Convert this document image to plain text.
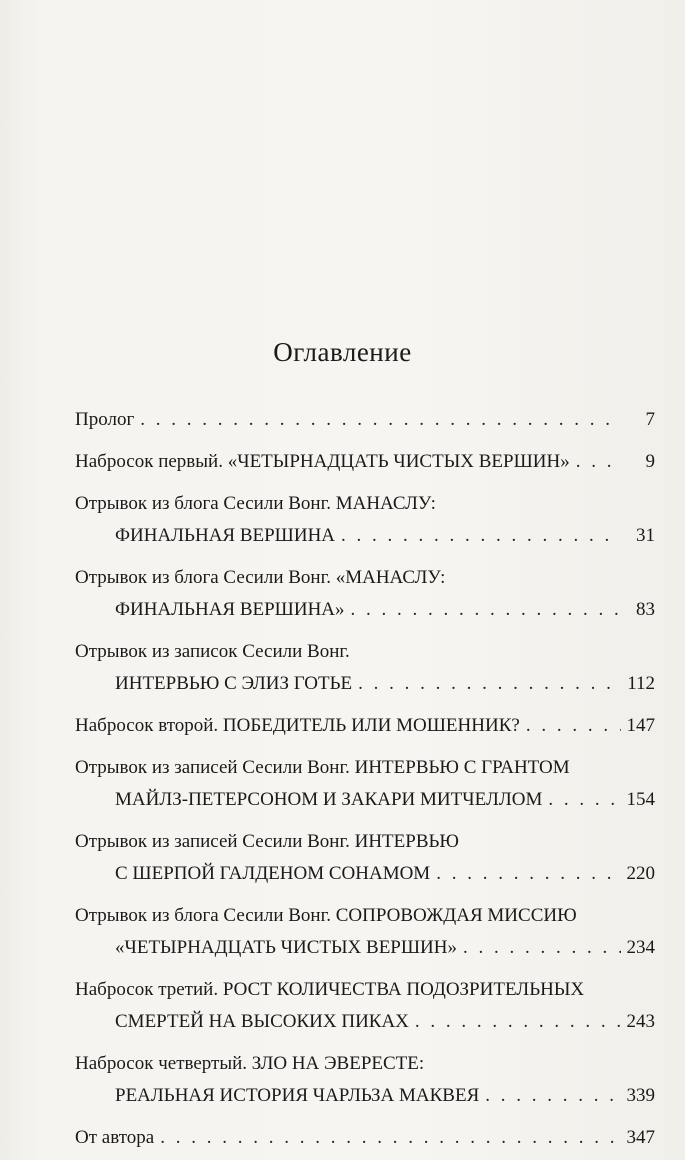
Оглавление
Пролог . . .	7
Набросок первый. «ЧЕТЫРНАДЦАТЬ ЧИСТЫХ ВЕРШИН» . . .	9
Отрывок из блога Сесили Вонг. МАНАСЛУ:
ФИНАЛЬНАЯ ВЕРШИНА . . .	31
Отрывок из блога Сесили Вонг. «МАНАСЛУ:
ФИНАЛЬНАЯ ВЕРШИНА» . . .	83
Отрывок из записок Сесили Вонг.
ИНТЕРВЬЮ С ЭЛИЗ ГОТЬЕ . . .	112
Набросок второй. ПОБЕДИТЕЛЬ ИЛИ МОШЕННИК? . . .	147
Отрывок из записей Сесили Вонг. ИНТЕРВЬЮ С ГРАНТОМ
МАЙЛЗ-ПЕТЕРСОНОМ И ЗАКАРИ МИТЧЕЛЛОМ . . .	154
Отрывок из записей Сесили Вонг. ИНТЕРВЬЮ
С ШЕРПОЙ ГАЛДЕНОМ СОНАМОМ . . .	220
Отрывок из блога Сесили Вонг. СОПРОВОЖДАЯ МИССИЮ
«ЧЕТЫРНАДЦАТЬ ЧИСТЫХ ВЕРШИН» . . .	234
Набросок третий. РОСТ КОЛИЧЕСТВА ПОДОЗРИТЕЛЬНЫХ
СМЕРТЕЙ НА ВЫСОКИХ ПИКАХ . . .	243
Набросок четвертый. ЗЛО НА ЭВЕРЕСТЕ:
РЕАЛЬНАЯ ИСТОРИЯ ЧАРЛЬЗА МАКВЕЯ . . .	339
От автора . . .	347
